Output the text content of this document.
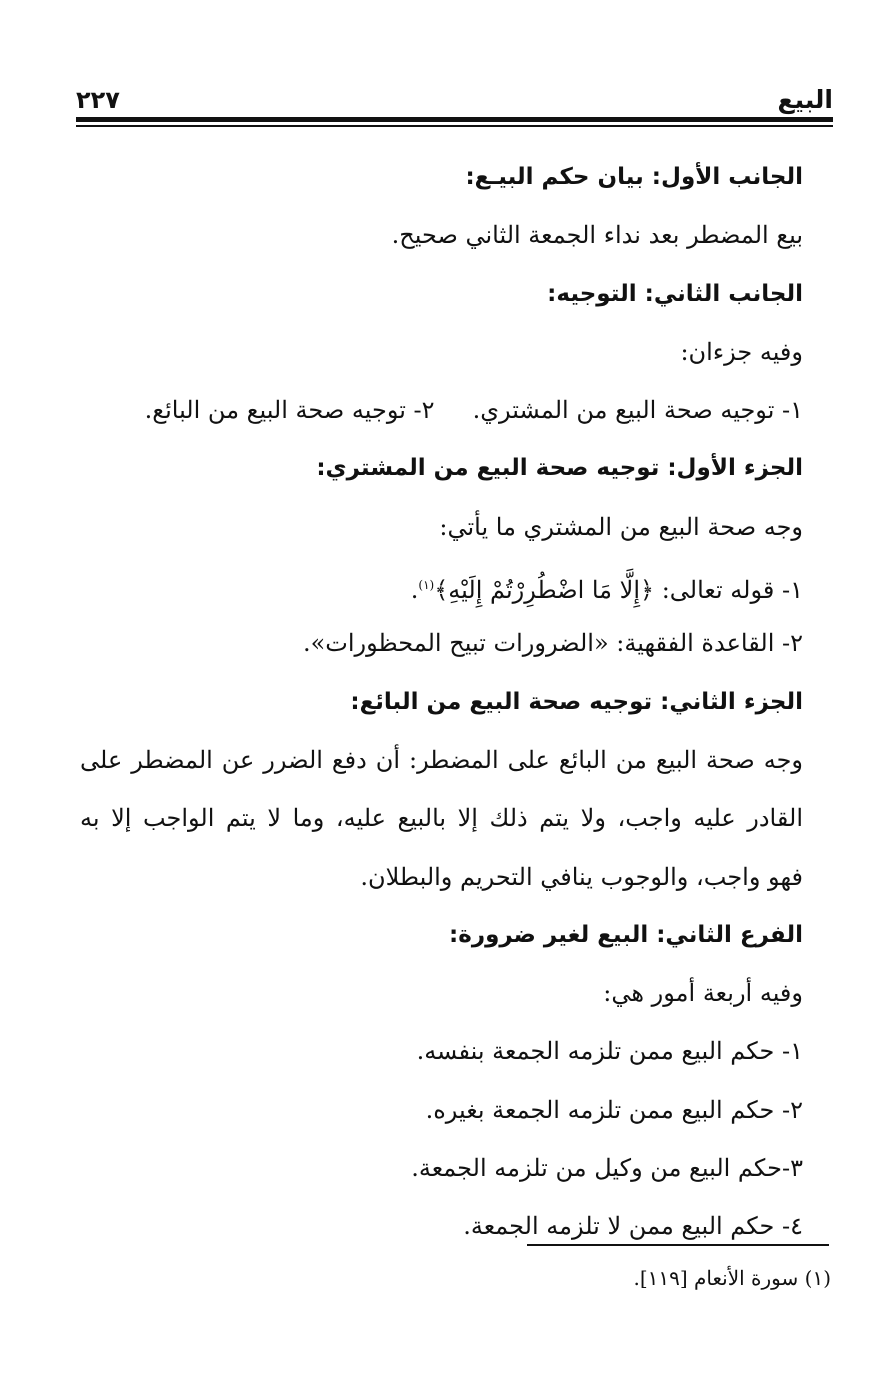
٢٢٧	البيع
الجانب الأول: بيان حكم البيـع:
بيع المضطر بعد نداء الجمعة الثاني صحيح.
الجانب الثاني: التوجيه:
وفيه جزءان:
١- توجيه صحة البيع من المشتري.
٢- توجيه صحة البيع من البائع.
الجزء الأول: توجيه صحة البيع من المشتري:
وجه صحة البيع من المشتري ما يأتي:
١- قوله تعالى: ﴿إِلَّا مَا اضْطُرِرْتُمْ إِلَيْهِ﴾$^{(١)}$.
٢- القاعدة الفقهية: «الضرورات تبيح المحظورات».
الجزء الثاني: توجيه صحة البيع من البائع:
وجه صحة البيع من البائع على المضطر: أن دفع الضرر عن المضطر على
القادر عليه واجب، ولا يتم ذلك إلا بالبيع عليه، وما لا يتم الواجب إلا به
فهو واجب، والوجوب ينافي التحريم والبطلان.
الفرع الثاني: البيع لغير ضرورة:
وفيه أربعة أمور هي:
١- حكم البيع ممن تلزمه الجمعة بنفسه.
٢- حكم البيع ممن تلزمه الجمعة بغيره.
٣-حكم البيع من وكيل من تلزمه الجمعة.
٤- حكم البيع ممن لا تلزمه الجمعة.
(١) سورة الأنعام [١١٩].
